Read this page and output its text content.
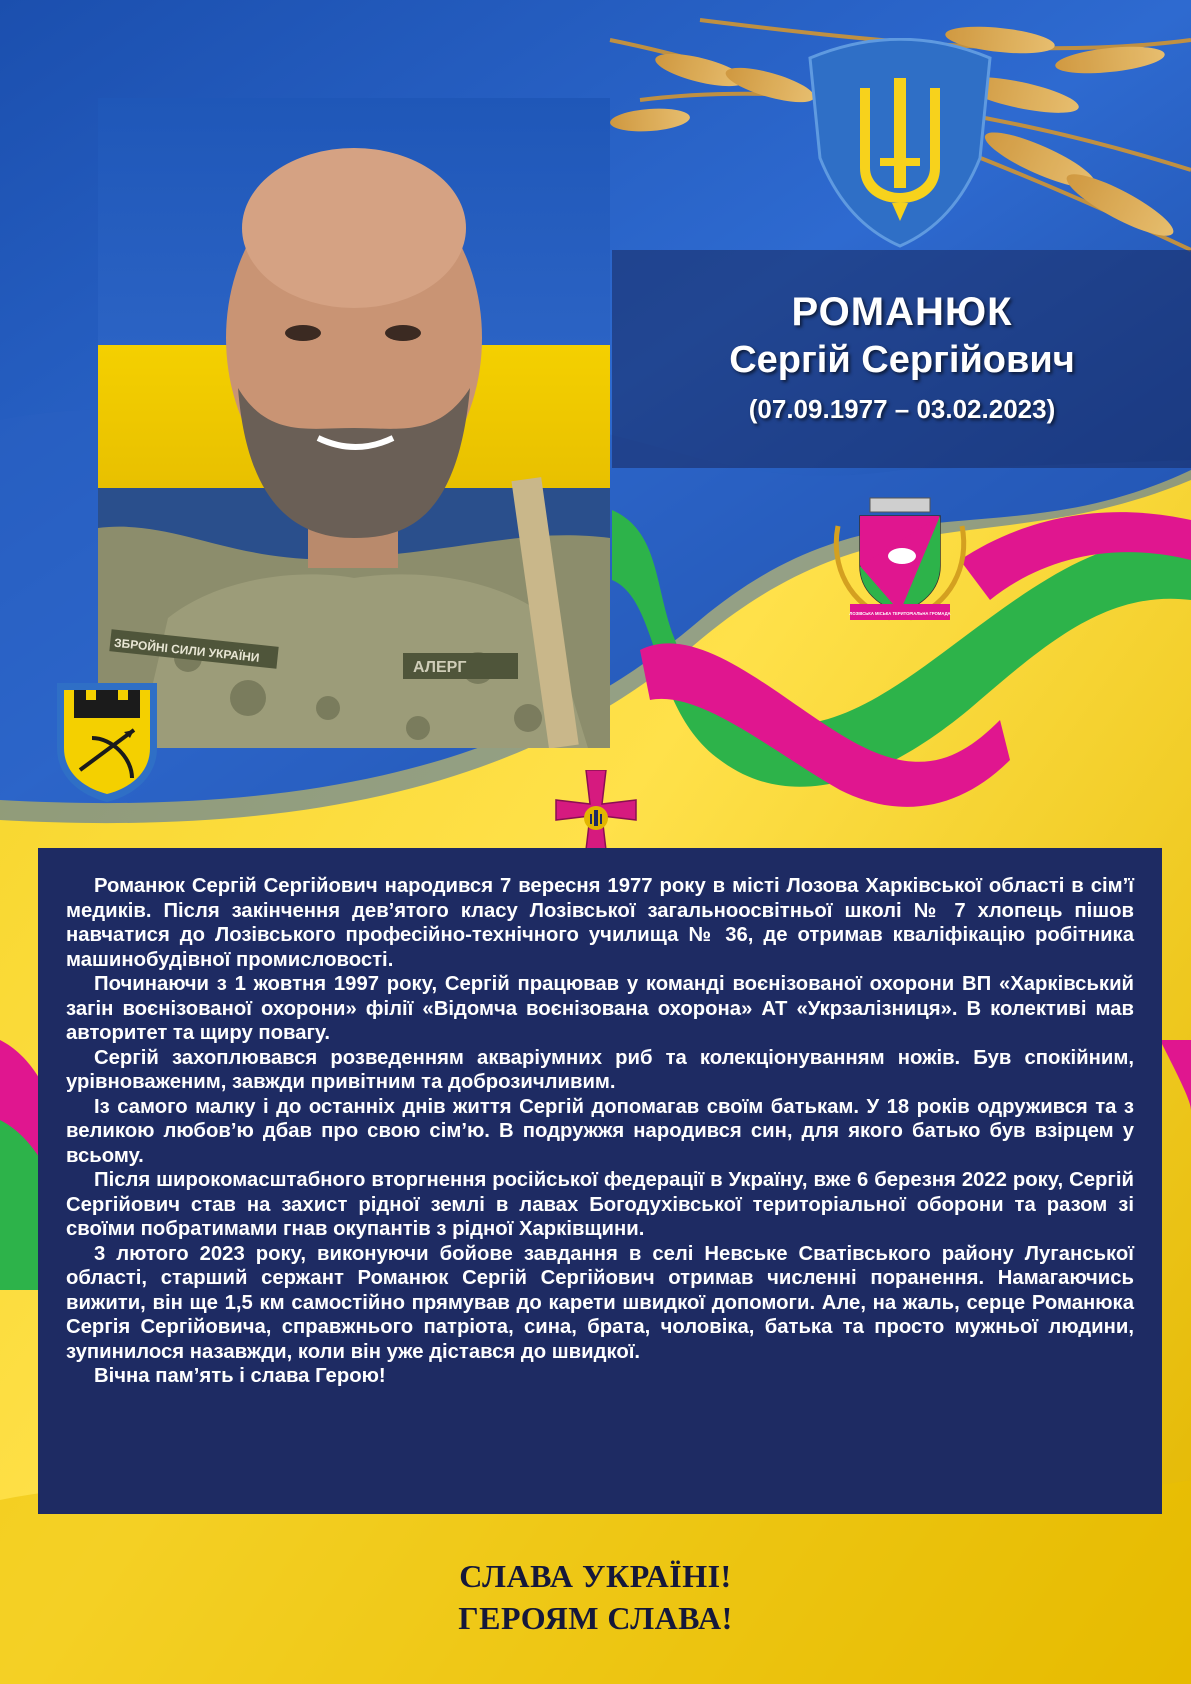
ЗБРОЙНІ СИЛИ УКРАЇНИ
АЛЕРГ
РОМАНЮК
Сергій Сергійович
(07.09.1977 – 03.02.2023)
ЛОЗІВСЬКА МІСЬКА ТЕРИТОРІАЛЬНА ГРОМАДА

Романюк Сергій Сергійович народився 7 вересня 1977 року в місті Лозова Харківської області в сім’ї медиків. Після закінчення дев’ятого класу Лозівської загальноосвітньої школі № 7 хлопець пішов навчатися до Лозівського професійно-технічного училища № 36, де отримав кваліфікацію робітника машинобудівної промисловості.

Починаючи з 1 жовтня 1997 року, Сергій працював у команді воєнізованої охорони ВП «Харківський загін воєнізованої охорони» філії «Відомча воєнізована охорона» АТ «Укрзалізниця». В колективі мав авторитет та щиру повагу.

Сергій захоплювався розведенням акваріумних риб та колекціонуванням ножів. Був спокійним, урівноваженим, завжди привітним та доброзичливим.

Із самого малку і до останніх днів життя Сергій допомагав своїм батькам. У 18 років одружився та з великою любов’ю дбав про свою сім’ю. В подружжя народився син, для якого батько був взірцем у всьому.

Після широкомасштабного вторгнення російської федерації в Україну, вже 6 березня 2022 року, Сергій Сергійович став на захист рідної землі в лавах Богодухівської територіальної оборони та разом зі своїми побратимами гнав окупантів з рідної Харківщини.

3 лютого 2023 року, виконуючи бойове завдання в селі Невське Сватівського району Луганської області, старший сержант Романюк Сергій Сергійович отримав численні поранення. Намагаючись вижити, він ще 1,5 км самостійно прямував до карети швидкої допомоги. Але, на жаль, серце Романюка Сергія Сергійовича, справжнього патріота, сина, брата, чоловіка, батька та просто мужньої людини, зупинилося назавжди, коли він уже дістався до швидкої.

Вічна пам’ять і слава Герою!

СЛАВА УКРАЇНІ!
ГЕРОЯМ СЛАВА!
